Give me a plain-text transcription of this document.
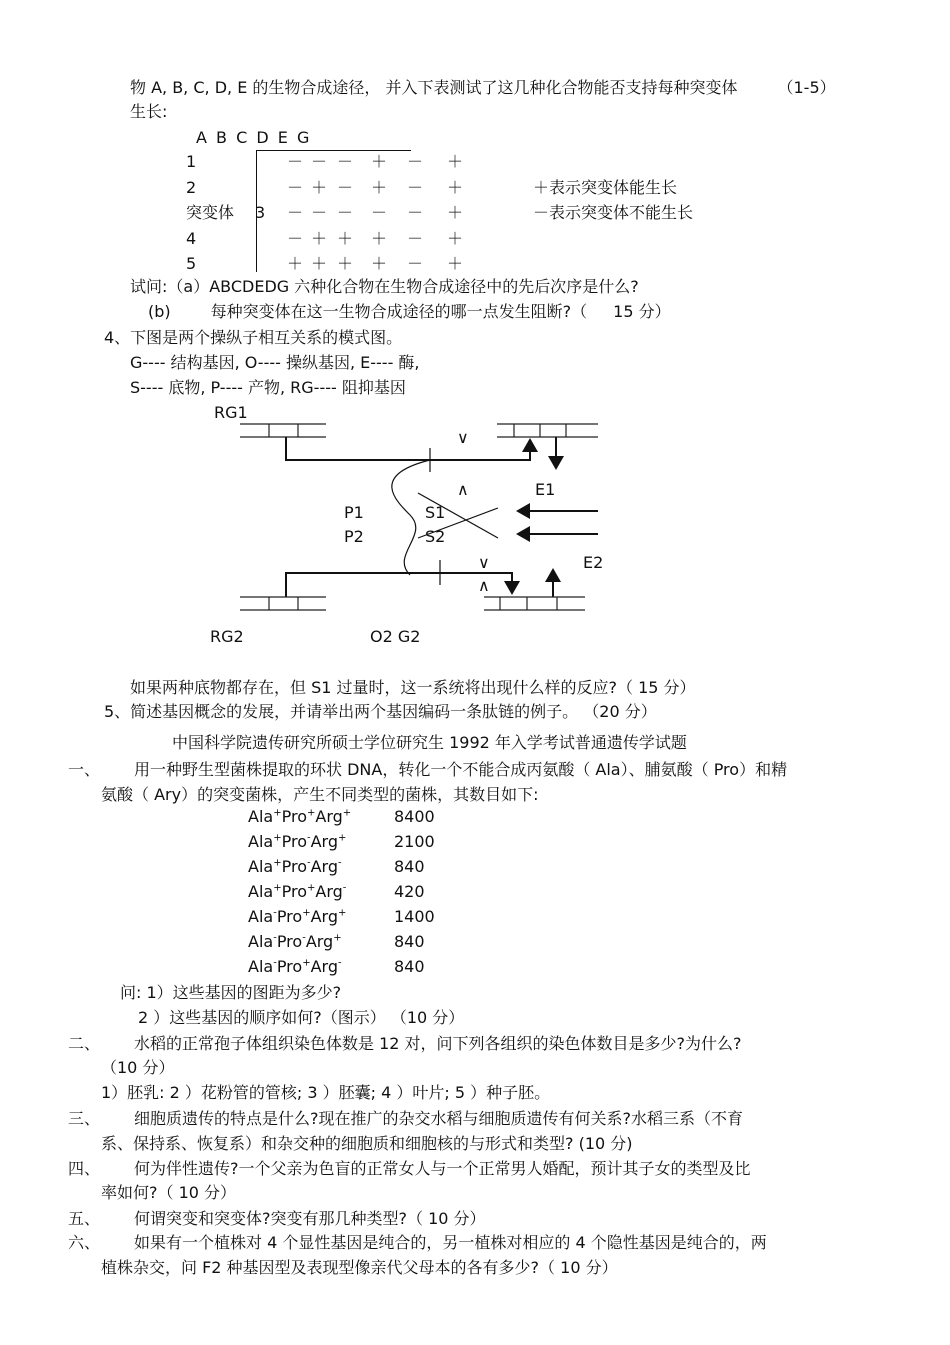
物 A, B, C, D, E 的生物合成途径， 并入下表测试了这几种化合物能否支持每种突变体	（1-5）
生长:
A B C D E G
1	－ － － ＋ － ＋
2	－ ＋ － ＋ － ＋
3 － － － － － ＋
4	－ ＋ ＋ ＋ － ＋
5	＋ ＋ ＋ ＋ － ＋
突变体
＋表示突变体能生长
－表示突变体不能生长
试问:（a）ABCDEDG 六种化合物在生物合成途径中的先后次序是什么?
(b)	每种突变体在这一生物合成途径的哪一点发生阻断?（ 15 分）
4、下图是两个操纵子相互关系的模式图。
G---- 结构基因, O---- 操纵基因, E---- 酶,
S---- 底物, P---- 产物, RG---- 阻抑基因
RG1
∨
∧	E1
P1	S1
P2	S2
∨	E2
∧
RG2	O2 G2
如果两种底物都存在，但 S1 过量时，这一系统将出现什么样的反应?（ 15 分）
5、简述基因概念的发展，并请举出两个基因编码一条肽链的例子。 （20 分）
中国科学院遗传研究所硕士学位研究生 1992 年入学考试普通遗传学试题
一、 用一种野生型菌株提取的环状 DNA，转化一个不能合成丙氨酸（ Ala）、脯氨酸（ Pro）和精
氨酸（ Ary）的突变菌株，产生不同类型的菌株，其数目如下:
Ala+Pro+Arg+	8400
Ala+Pro-Arg+	2100
Ala+Pro-Arg-	840
Ala+Pro+Arg-	420
Ala-Pro+Arg+	1400
Ala-Pro-Arg+	840
Ala-Pro+Arg-	840
问: 1）这些基因的图距为多少?
2 ）这些基因的顺序如何?（图示） （10 分）
二、 水稻的正常孢子体组织染色体数是 12 对，问下列各组织的染色体数目是多少?为什么?
（10 分）
1）胚乳: 2 ）花粉管的管核; 3 ）胚囊; 4 ）叶片; 5 ）种子胚。
三、 细胞质遗传的特点是什么?现在推广的杂交水稻与细胞质遗传有何关系?水稻三系（不育
系、保持系、恢复系）和杂交种的细胞质和细胞核的与形式和类型? (10 分)
四、 何为伴性遗传?一个父亲为色盲的正常女人与一个正常男人婚配，预计其子女的类型及比
率如何?（ 10 分）
五、 何谓突变和突变体?突变有那几种类型?（ 10 分）
六、 如果有一个植株对 4 个显性基因是纯合的，另一植株对相应的 4 个隐性基因是纯合的，两
植株杂交，问 F2 种基因型及表现型像亲代父母本的各有多少?（ 10 分）
